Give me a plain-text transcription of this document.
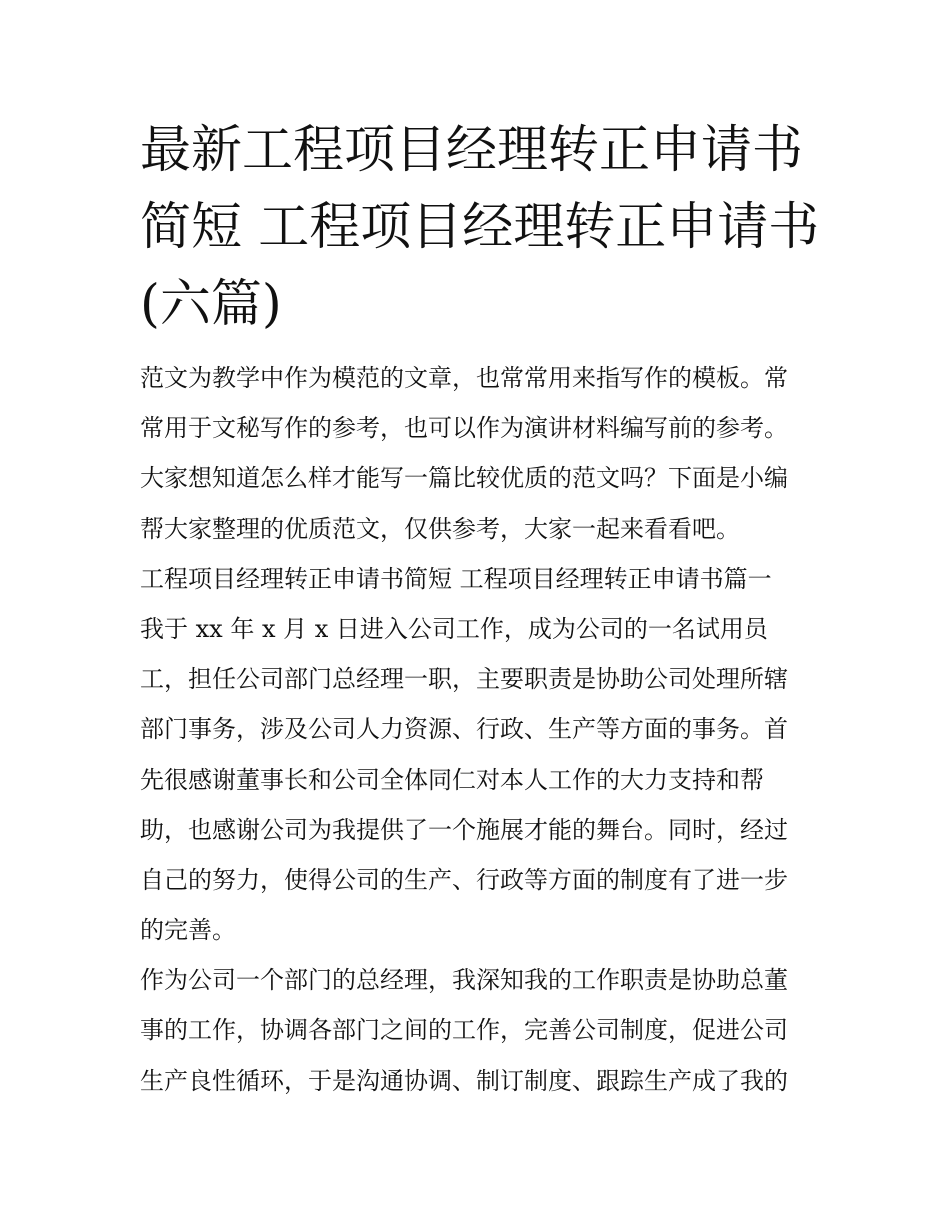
最新工程项目经理转正申请书
简短 工程项目经理转正申请书
(六篇)
范文为教学中作为模范的文章，也常常用来指写作的模板。常
常用于文秘写作的参考，也可以作为演讲材料编写前的参考。
大家想知道怎么样才能写一篇比较优质的范文吗？下面是小编
帮大家整理的优质范文，仅供参考，大家一起来看看吧。
工程项目经理转正申请书简短 工程项目经理转正申请书篇一
我于 xx 年 x 月 x 日进入公司工作，成为公司的一名试用员
工，担任公司部门总经理一职，主要职责是协助公司处理所辖
部门事务，涉及公司人力资源、行政、生产等方面的事务。首
先很感谢董事长和公司全体同仁对本人工作的大力支持和帮
助，也感谢公司为我提供了一个施展才能的舞台。同时，经过
自己的努力，使得公司的生产、行政等方面的制度有了进一步
的完善。
作为公司一个部门的总经理，我深知我的工作职责是协助总董
事的工作，协调各部门之间的工作，完善公司制度，促进公司
生产良性循环，于是沟通协调、制订制度、跟踪生产成了我的
